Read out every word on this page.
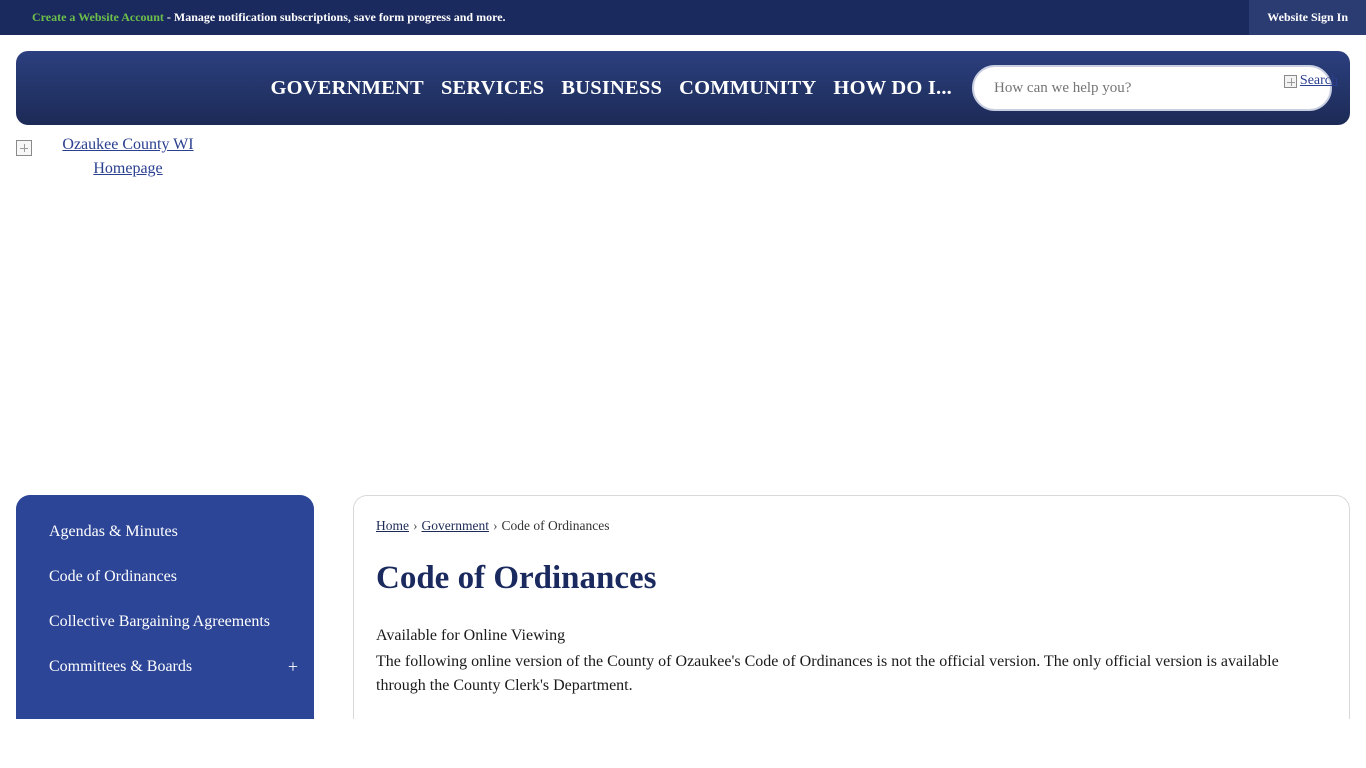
Create a Website Account - Manage notification subscriptions, save form progress and more.	Website Sign In
GOVERNMENT SERVICES BUSINESS COMMUNITY HOW DO I...
How can we help you?	Search
Ozaukee County WI Homepage
Agendas & Minutes
Code of Ordinances
Collective Bargaining Agreements
Committees & Boards	+
Home › Government › Code of Ordinances
Code of Ordinances

Available for Online Viewing

The following online version of the County of Ozaukee's Code of Ordinances is not the official version. The only official version is available through the County Clerk's Department.
